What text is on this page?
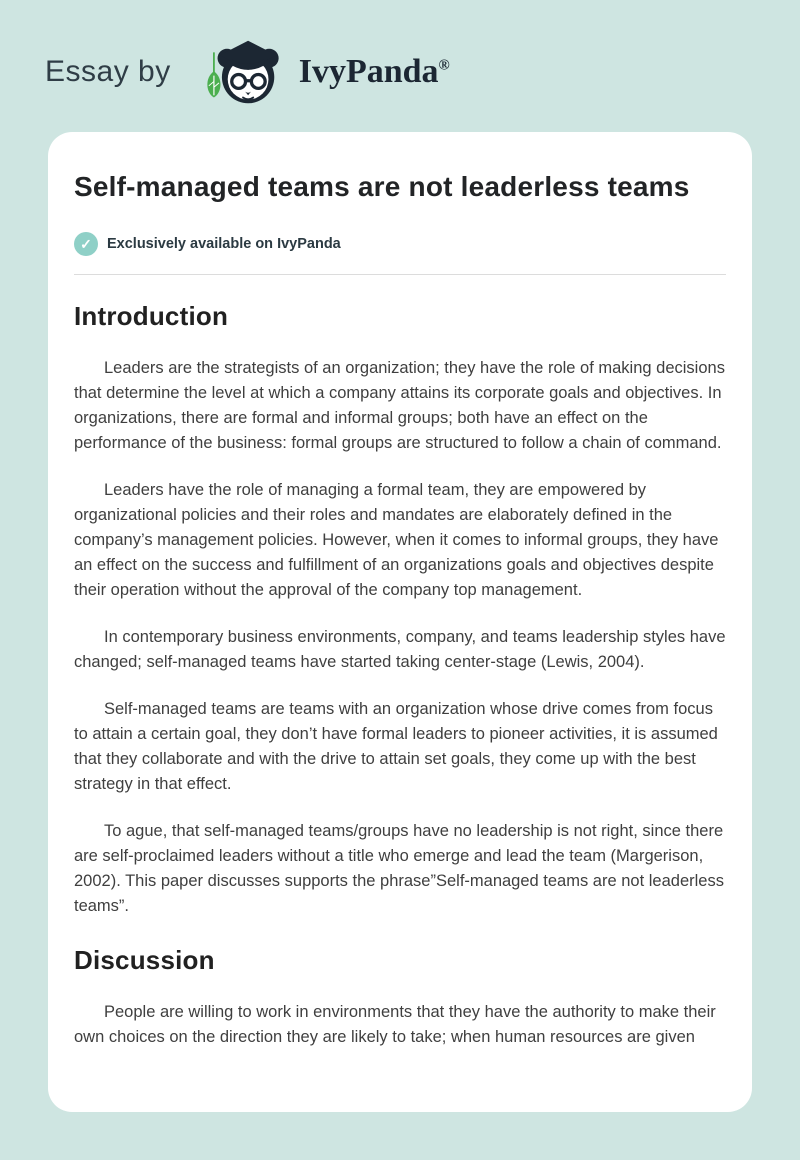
Essay by	IvyPanda®
Self-managed teams are not leaderless teams
✓	Exclusively available on IvyPanda
Introduction

Leaders are the strategists of an organization; they have the role of making decisions that determine the level at which a company attains its corporate goals and objectives. In organizations, there are formal and informal groups; both have an effect on the performance of the business: formal groups are structured to follow a chain of command.

Leaders have the role of managing a formal team, they are empowered by organizational policies and their roles and mandates are elaborately defined in the company’s management policies. However, when it comes to informal groups, they have an effect on the success and fulfillment of an organizations goals and objectives despite their operation without the approval of the company top management.

In contemporary business environments, company, and teams leadership styles have changed; self-managed teams have started taking center-stage (Lewis, 2004).

Self-managed teams are teams with an organization whose drive comes from focus to attain a certain goal, they don’t have formal leaders to pioneer activities, it is assumed that they collaborate and with the drive to attain set goals, they come up with the best strategy in that effect.

To ague, that self-managed teams/groups have no leadership is not right, since there are self-proclaimed leaders without a title who emerge and lead the team (Margerison, 2002). This paper discusses supports the phrase”Self-managed teams are not leaderless teams”.

Discussion

People are willing to work in environments that they have the authority to make their own choices on the direction they are likely to take; when human resources are given
